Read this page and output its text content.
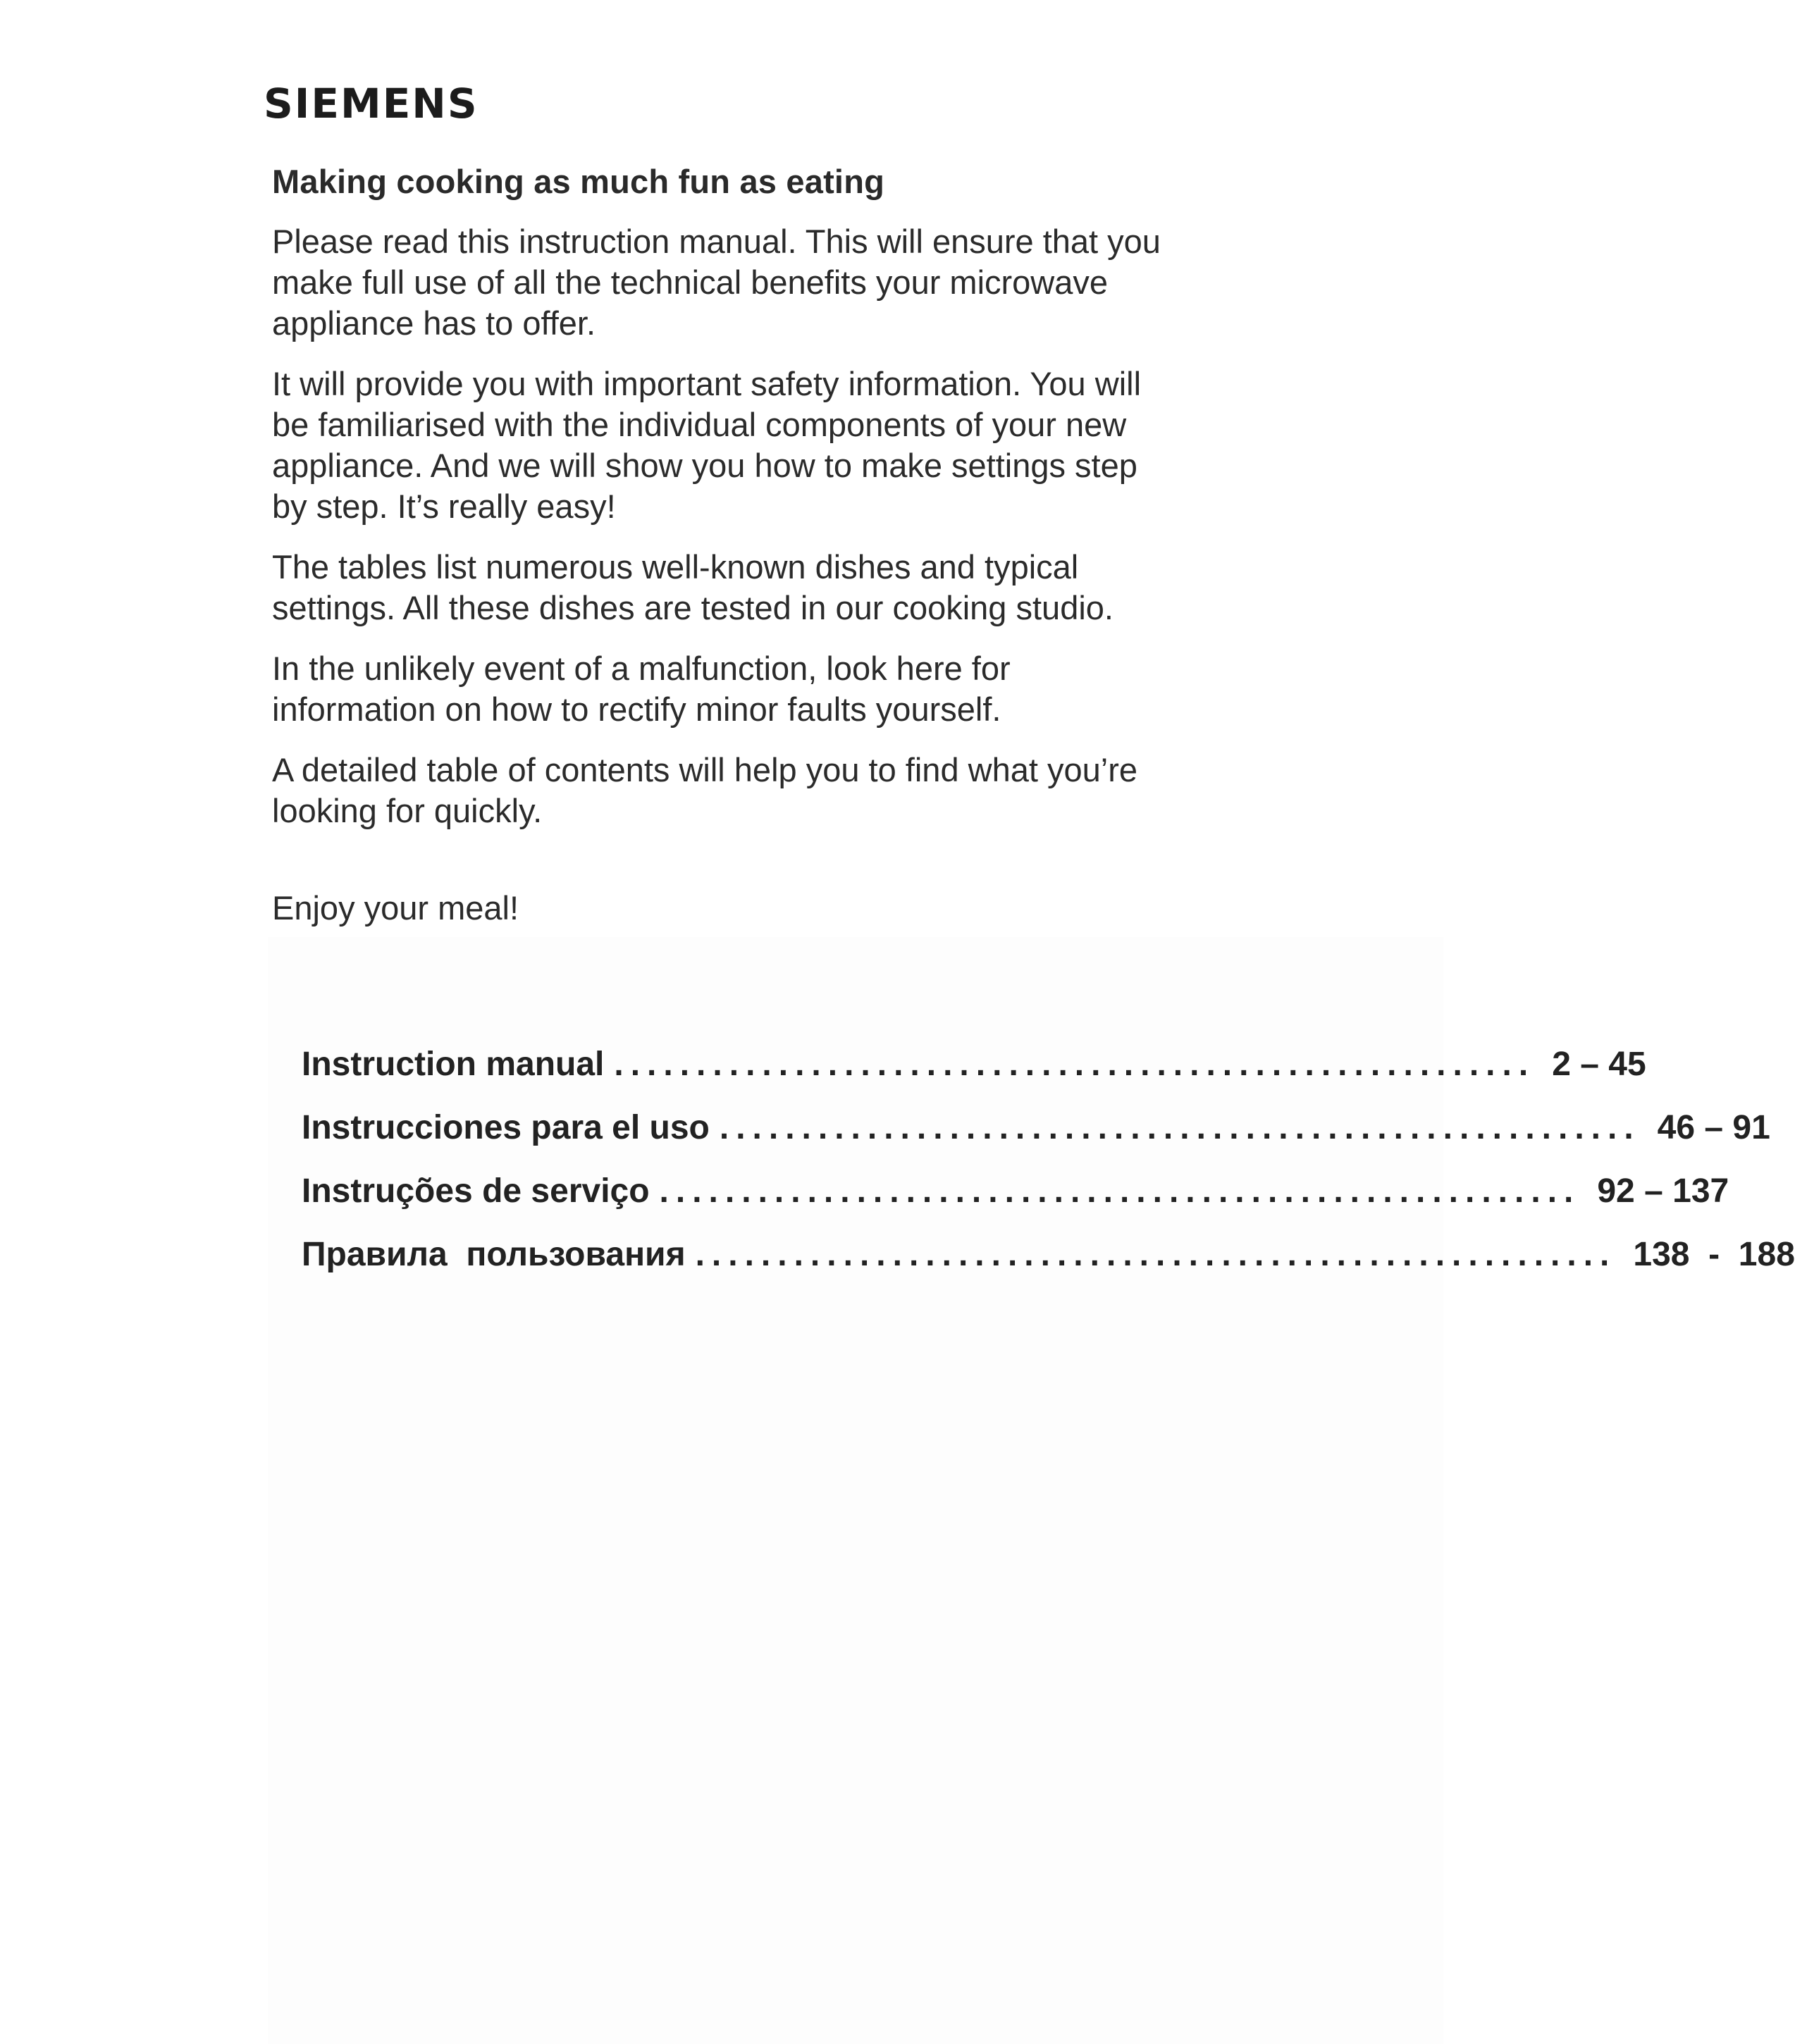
SIEMENS
Making cooking as much fun as eating

Please read this instruction manual. This will ensure that you make full use of all the technical benefits your microwave appliance has to offer.

It will provide you with important safety information. You will be familiarised with the individual components of your new appliance. And we will show you how to make settings step by step. It’s really easy!

The tables list numerous well-known dishes and typical settings. All these dishes are tested in our cooking studio.

In the unlikely event of a malfunction, look here for information on how to rectify minor faults yourself.

A detailed table of contents will help you to find what you’re looking for quickly.

Enjoy your meal!

Instruction manual ........................................................ 2 – 45
Instrucciones para el uso ........................................................ 46 – 91
Instruções de serviço ........................................................ 92 – 137
Правила  пользования ........................................................ 138  -  188
